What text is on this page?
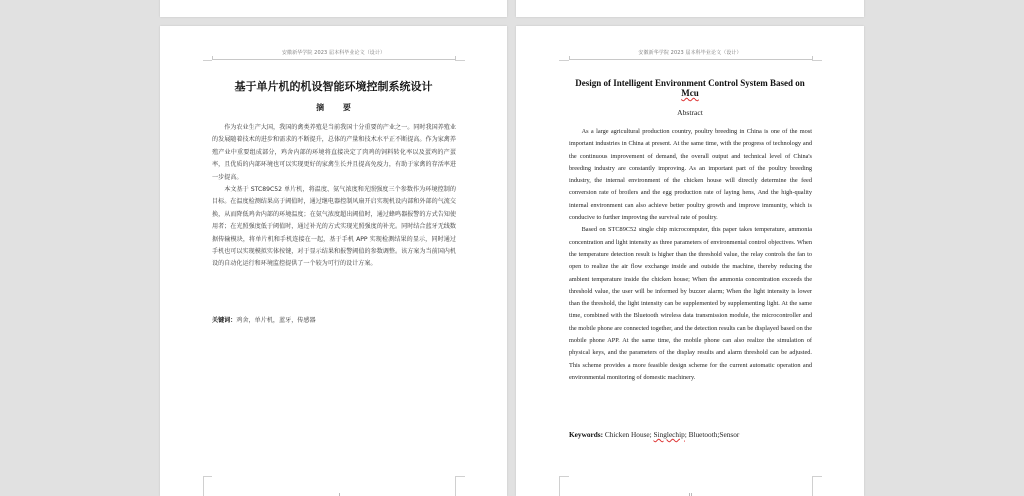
安徽新华学院 2023 届本科毕业论文（设计）
基于单片机的机设智能环境控制系统设计
摘 要

作为农业生产大国，我国的禽类养殖是当前我国十分重要的产业之一。同时我国养殖业的发展随着技术的进步和需求的不断提升，总体的产量和技术水平正不断提高。作为家禽养殖产业中重要组成部分，鸡舍内部的环境将直接决定了肉鸡的饲料转化率以及蛋鸡的产蛋率，且优质的内部环境也可以实现更好的家禽生长并且提高免疫力，有助于家禽的存活率进一步提高。

本文基于 STC89C52 单片机，将温度、氨气浓度和光照强度三个参数作为环境控制的目标。在温度检测结果高于阈值时，通过继电器控制风扇开启实现机设内部和外部的气流交换，从而降低鸡舍内部的环境温度；在氨气浓度超出阈值时，通过蜂鸣器报警的方式告知使用者；在光照强度低于阈值时，通过补光的方式实现光照强度的补充。同时结合蓝牙无线数据传输模块，将单片机和手机连接在一起，基于手机 APP 实现检测结果的显示，同时通过手机也可以实现模拟实体按键，对于显示结果和报警阈值的参数调整。该方案为当前国内机设的自动化运行和环境监控提供了一个较为可行的设计方案。

关键词：鸡舍，单片机，蓝牙，传感器
安徽新华学院 2023 届本科毕业论文（设计）
Design of Intelligent Environment Control System Based on
Mcu
Abstract

As a large agricultural production country, poultry breeding in China is one of the most important industries in China at present. At the same time, with the progress of technology and the continuous improvement of demand, the overall output and technical level of China's breeding industry are constantly improving. As an important part of the poultry breeding industry, the internal environment of the chicken house will directly determine the feed conversion rate of broilers and the egg production rate of laying hens, And the high-quality internal environment can also achieve better poultry growth and improve immunity, which is conducive to further improving the survival rate of poultry.

Based on STC89C52 single chip microcomputer, this paper takes temperature, ammonia concentration and light intensity as three parameters of environmental control objectives. When the temperature detection result is higher than the threshold value, the relay controls the fan to open to realize the air flow exchange inside and outside the machine, thereby reducing the ambient temperature inside the chicken house; When the ammonia concentration exceeds the threshold value, the user will be informed by buzzer alarm; When the light intensity is lower than the threshold, the light intensity can be supplemented by supplementing light. At the same time, combined with the Bluetooth wireless data transmission module, the microcontroller and the mobile phone are connected together, and the detection results can be displayed based on the mobile phone APP. At the same time, the mobile phone can also realize the simulation of physical keys, and the parameters of the display results and alarm threshold can be adjusted. This scheme provides a more feasible design scheme for the current automatic operation and environmental monitoring of domestic machinery.

Keywords: Chicken House; Singlechip; Bluetooth;Sensor
